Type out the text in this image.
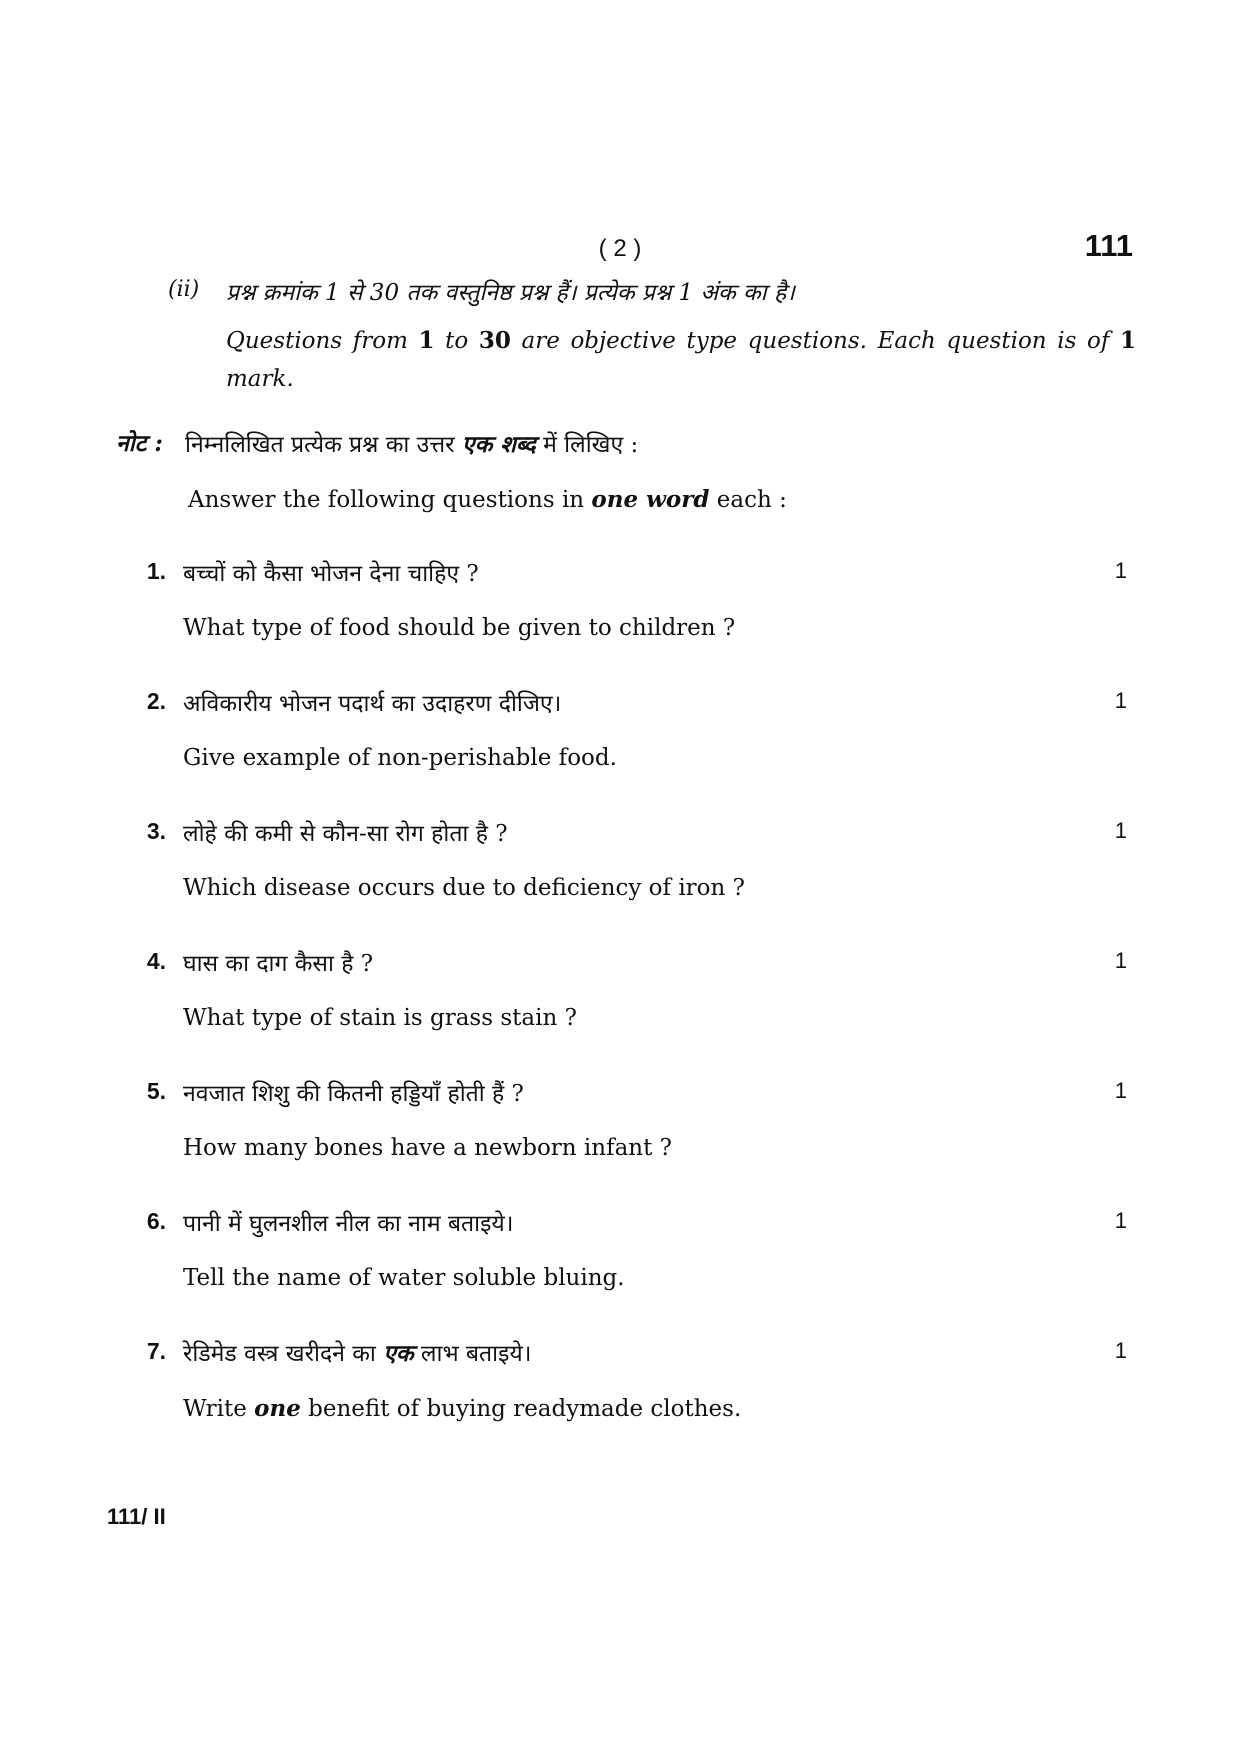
( 2 )	111
(ii) प्रश्न क्रमांक 1 से 30 तक वस्तुनिष्ठ प्रश्न हैं। प्रत्येक प्रश्न 1 अंक का है।
Questions from 1 to 30 are objective type questions. Each question is of 1 mark.
नोट : निम्नलिखित प्रत्येक प्रश्न का उत्तर एक शब्द में लिखिए :
Answer the following questions in one word each :
1. बच्चों को कैसा भोजन देना चाहिए ?	1
What type of food should be given to children ?
2. अविकारीय भोजन पदार्थ का उदाहरण दीजिए।	1
Give example of non-perishable food.
3. लोहे की कमी से कौन-सा रोग होता है ?	1
Which disease occurs due to deficiency of iron ?
4. घास का दाग कैसा है ?	1
What type of stain is grass stain ?
5. नवजात शिशु की कितनी हड्डियाँ होती हैं ?	1
How many bones have a newborn infant ?
6. पानी में घुलनशील नील का नाम बताइये।	1
Tell the name of water soluble bluing.
7. रेडिमेड वस्त्र खरीदने का एक लाभ बताइये।	1
Write one benefit of buying readymade clothes.
111/ II
